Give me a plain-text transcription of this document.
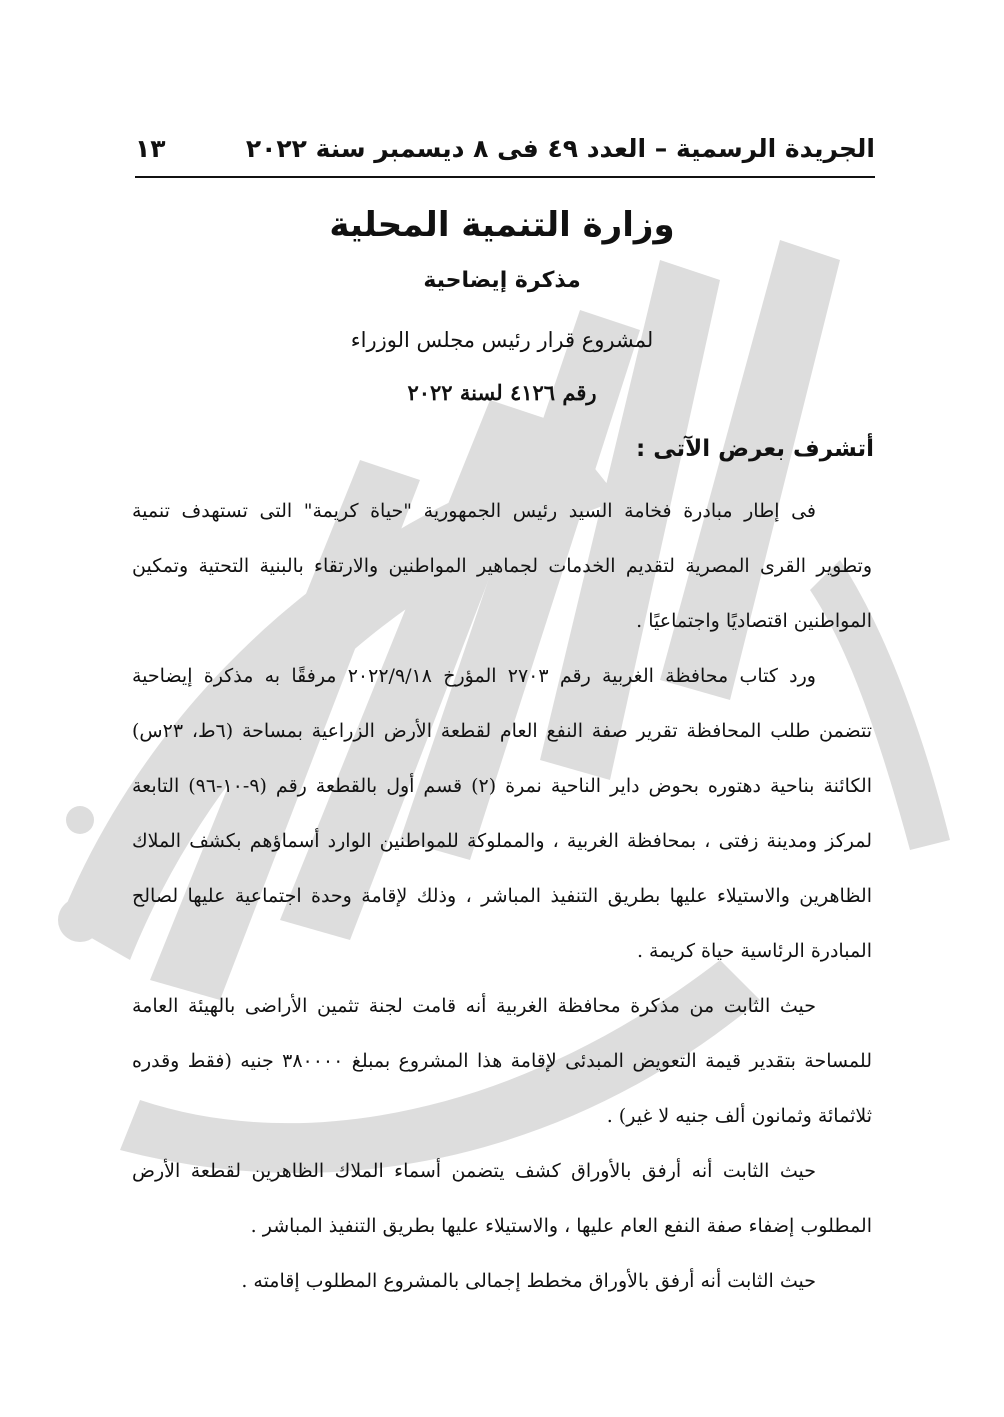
الجريدة الرسمية – العدد ٤٩ فى ٨ ديسمبر سنة ٢٠٢٢
١٣
وزارة التنمية المحلية
مذكرة إيضاحية
لمشروع قرار رئيس مجلس الوزراء
رقم ٤١٢٦ لسنة ٢٠٢٢
أتشرف بعرض الآتى :

فى إطار مبادرة فخامة السيد رئيس الجمهورية "حياة كريمة" التى تستهدف تنمية وتطوير القرى المصرية لتقديم الخدمات لجماهير المواطنين والارتقاء بالبنية التحتية وتمكين المواطنين اقتصاديًا واجتماعيًا .

ورد كتاب محافظة الغربية رقم ٢٧٠٣ المؤرخ ٢٠٢٢/٩/١٨ مرفقًا به مذكرة إيضاحية تتضمن طلب المحافظة تقرير صفة النفع العام لقطعة الأرض الزراعية بمساحة (٦ط، ٢٣س) الكائنة بناحية دهتوره بحوض داير الناحية نمرة (٢) قسم أول بالقطعة رقم (٩-١٠-٩٦) التابعة لمركز ومدينة زفتى ، بمحافظة الغربية ، والمملوكة للمواطنين الوارد أسماؤهم بكشف الملاك الظاهرين والاستيلاء عليها بطريق التنفيذ المباشر ، وذلك لإقامة وحدة اجتماعية عليها لصالح المبادرة الرئاسية حياة كريمة .

حيث الثابت من مذكرة محافظة الغربية أنه قامت لجنة تثمين الأراضى بالهيئة العامة للمساحة بتقدير قيمة التعويض المبدئى لإقامة هذا المشروع بمبلغ ٣٨٠٠٠٠ جنيه (فقط وقدره ثلاثمائة وثمانون ألف جنيه لا غير) .

حيث الثابت أنه أرفق بالأوراق كشف يتضمن أسماء الملاك الظاهرين لقطعة الأرض المطلوب إضفاء صفة النفع العام عليها ، والاستيلاء عليها بطريق التنفيذ المباشر .

حيث الثابت أنه أرفق بالأوراق مخطط إجمالى بالمشروع المطلوب إقامته .
